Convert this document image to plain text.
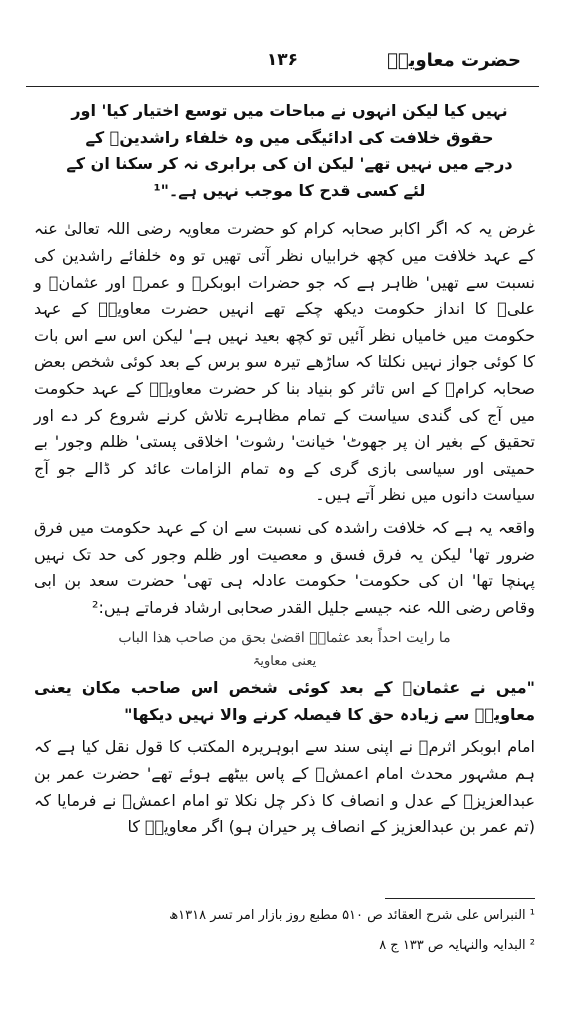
حضرت معاویہؓ
۱۳۶

نہیں کیا لیکن انہوں نے مباحات میں توسع اختیار کیا' اور حقوق خلافت کی ادائیگی میں وہ خلفاء راشدینؓ کے درجے میں نہیں تھے' لیکن ان کی برابری نہ کر سکنا ان کے لئے کسی قدح کا موجب نہیں ہے۔"¹

غرض یہ کہ اگر اکابر صحابہ کرام کو حضرت معاویہ رضی اللہ تعالیٰ عنہ کے عہد خلافت میں کچھ خرابیاں نظر آتی تھیں تو وہ خلفائے راشدین کی نسبت سے تھیں' ظاہر ہے کہ جو حضرات ابوبکرؓ و عمرؓ اور عثمانؓ و علیؓ کا انداز حکومت دیکھ چکے تھے انہیں حضرت معاویہؓ کے عہد حکومت میں خامیاں نظر آئیں تو کچھ بعید نہیں ہے' لیکن اس سے اس بات کا کوئی جواز نہیں نکلتا کہ ساڑھے تیرہ سو برس کے بعد کوئی شخص بعض صحابہ کرامؓ کے اس تاثر کو بنیاد بنا کر حضرت معاویہؓ کے عہد حکومت میں آج کی گندی سیاست کے تمام مظاہرے تلاش کرنے شروع کر دے اور تحقیق کے بغیر ان پر جھوٹ' خیانت' رشوت' اخلاقی پستی' ظلم وجور' بے حمیتی اور سیاسی بازی گری کے وہ تمام الزامات عائد کر ڈالے جو آج سیاست دانوں میں نظر آتے ہیں۔

واقعہ یہ ہے کہ خلافت راشدہ کی نسبت سے ان کے عہد حکومت میں فرق ضرور تھا' لیکن یہ فرق فسق و معصیت اور ظلم وجور کی حد تک نہیں پہنچا تھا' ان کی حکومت' حکومت عادلہ ہی تھی' حضرت سعد بن ابی وقاص رضی اللہ عنہ جیسے جلیل القدر صحابی ارشاد فرماتے ہیں:²

ما رایت احداً بعد عثمانؓ اقضیٰ بحق من صاحب ھذا الباب

یعنی معاویۃ

"میں نے عثمانؓ کے بعد کوئی شخص اس صاحب مکان یعنی معاویہؓ سے زیادہ حق کا فیصلہ کرنے والا نہیں دیکھا"

امام ابوبکر اثرمؒ نے اپنی سند سے ابوہریرہ المکتب کا قول نقل کیا ہے کہ ہم مشہور محدث امام اعمشؒ کے پاس بیٹھے ہوئے تھے' حضرت عمر بن عبدالعزیزؒ کے عدل و انصاف کا ذکر چل نکلا تو امام اعمشؒ نے فرمایا کہ (تم عمر بن عبدالعزیز کے انصاف پر حیران ہو) اگر معاویہؓ کا

¹ النبراس علی شرح العقائد ص ۵۱۰ مطبع روز بازار امر تسر ۱۳۱۸ھ
² البدایہ والنہایہ ص ۱۳۳ ج ۸
